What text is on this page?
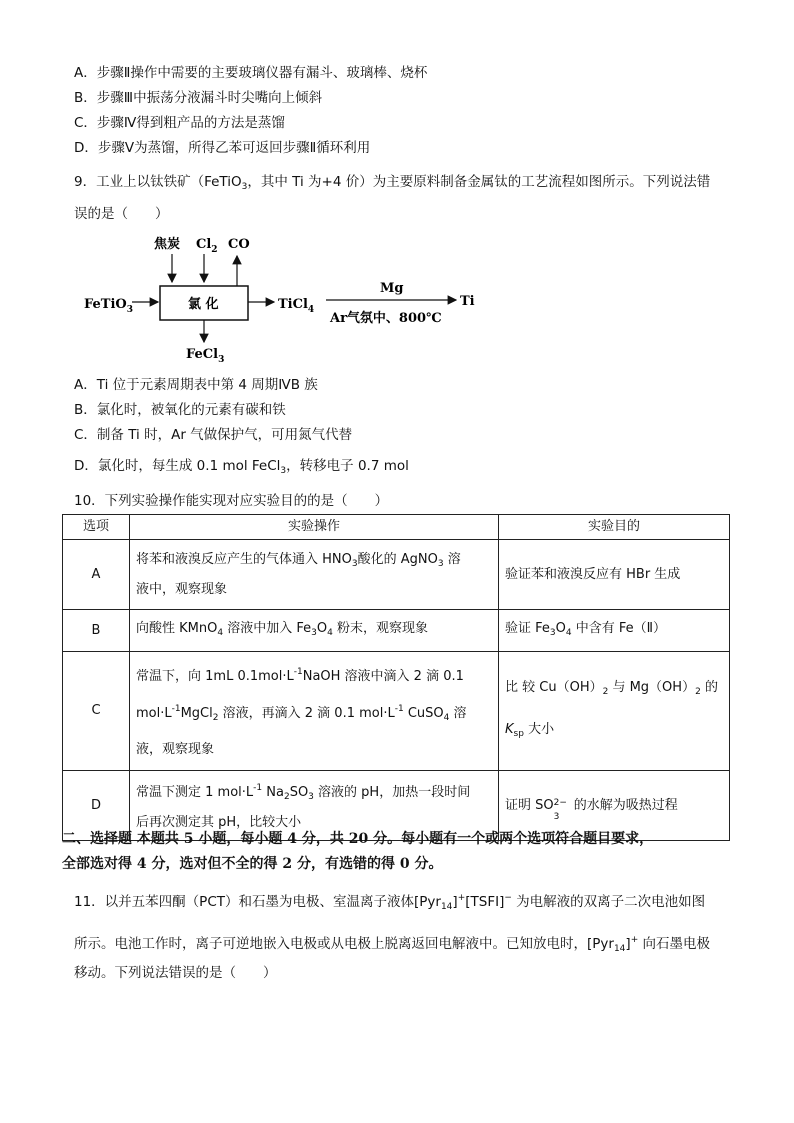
A．步骤Ⅱ操作中需要的主要玻璃仪器有漏斗、玻璃棒、烧杯
B．步骤Ⅲ中振荡分液漏斗时尖嘴向上倾斜
C．步骤Ⅳ得到粗产品的方法是蒸馏
D．步骤Ⅴ为蒸馏，所得乙苯可返回步骤Ⅱ循环利用
9．工业上以钛铁矿（FeTiO$_3$，其中 Ti 为+4 价）为主要原料制备金属钛的工艺流程如图所示。下列说法错
误的是（　　）
焦炭 $Cl_2$ CO
氯 化
FeTiO$_3$	TiCl$_4$
Mg
Ar气氛中、800℃
Ti
FeCl$_3$
A．Ti 位于元素周期表中第 4 周期ⅣB 族
B．氯化时，被氧化的元素有碳和铁
C．制备 Ti 时，Ar 气做保护气，可用氮气代替
D．氯化时，每生成 0.1 mol FeCl$_3$，转移电子 0.7 mol
10．下列实验操作能实现对应实验目的的是（　　）
选项	实验操作	实验目的
A	将苯和液溴反应产生的气体通入 $HNO_3$酸化的 AgNO$_3$ 溶
液中，观察现象	验证苯和液溴反应有 HBr 生成
B	向酸性 KMnO$_4$ 溶液中加入 $Fe_3O_4$ 粉末，观察现象	验证 $Fe_3O_4$ 中含有 Fe（Ⅱ）
C	常温下，向 1mL $0.1mol\cdot L^{-1}NaOH$ 溶液中滴入 2 滴 0.1
$mol\cdot L^{-1}MgCl_2$ 溶液，再滴入 2 滴 0.1 $mol\cdot L^{-1}$ CuSO$_4$ 溶
液，观察现象	比 较 $Cu(OH)_2$ 与 $Mg(OH)_2$ 的
$K_{sp}$ 大小
D	常温下测定 1 $mol\cdot L^{-1}$ $Na_2SO_3$ 溶液的 pH，加热一段时间
后再次测定其 pH，比较大小	证明 SO 2−
3
的水解为吸热过程
二、选择题 本题共 5 小题，每小题 4 分，共 20 分。每小题有一个或两个选项符合题目要求，
全部选对得 4 分，选对但不全的得 2 分，有选错的得 0 分。
11．以并五苯四酮（PCT）和石墨为电极、室温离子液体[Pyr$_{14}$]+[TSFI]− 为电解液的双离子二次电池如图
所示。电池工作时，离子可逆地嵌入电极或从电极上脱离返回电解液中。已知放电时，[Pyr$_{14}$]+ 向石墨电极
移动。下列说法错误的是（　　）
